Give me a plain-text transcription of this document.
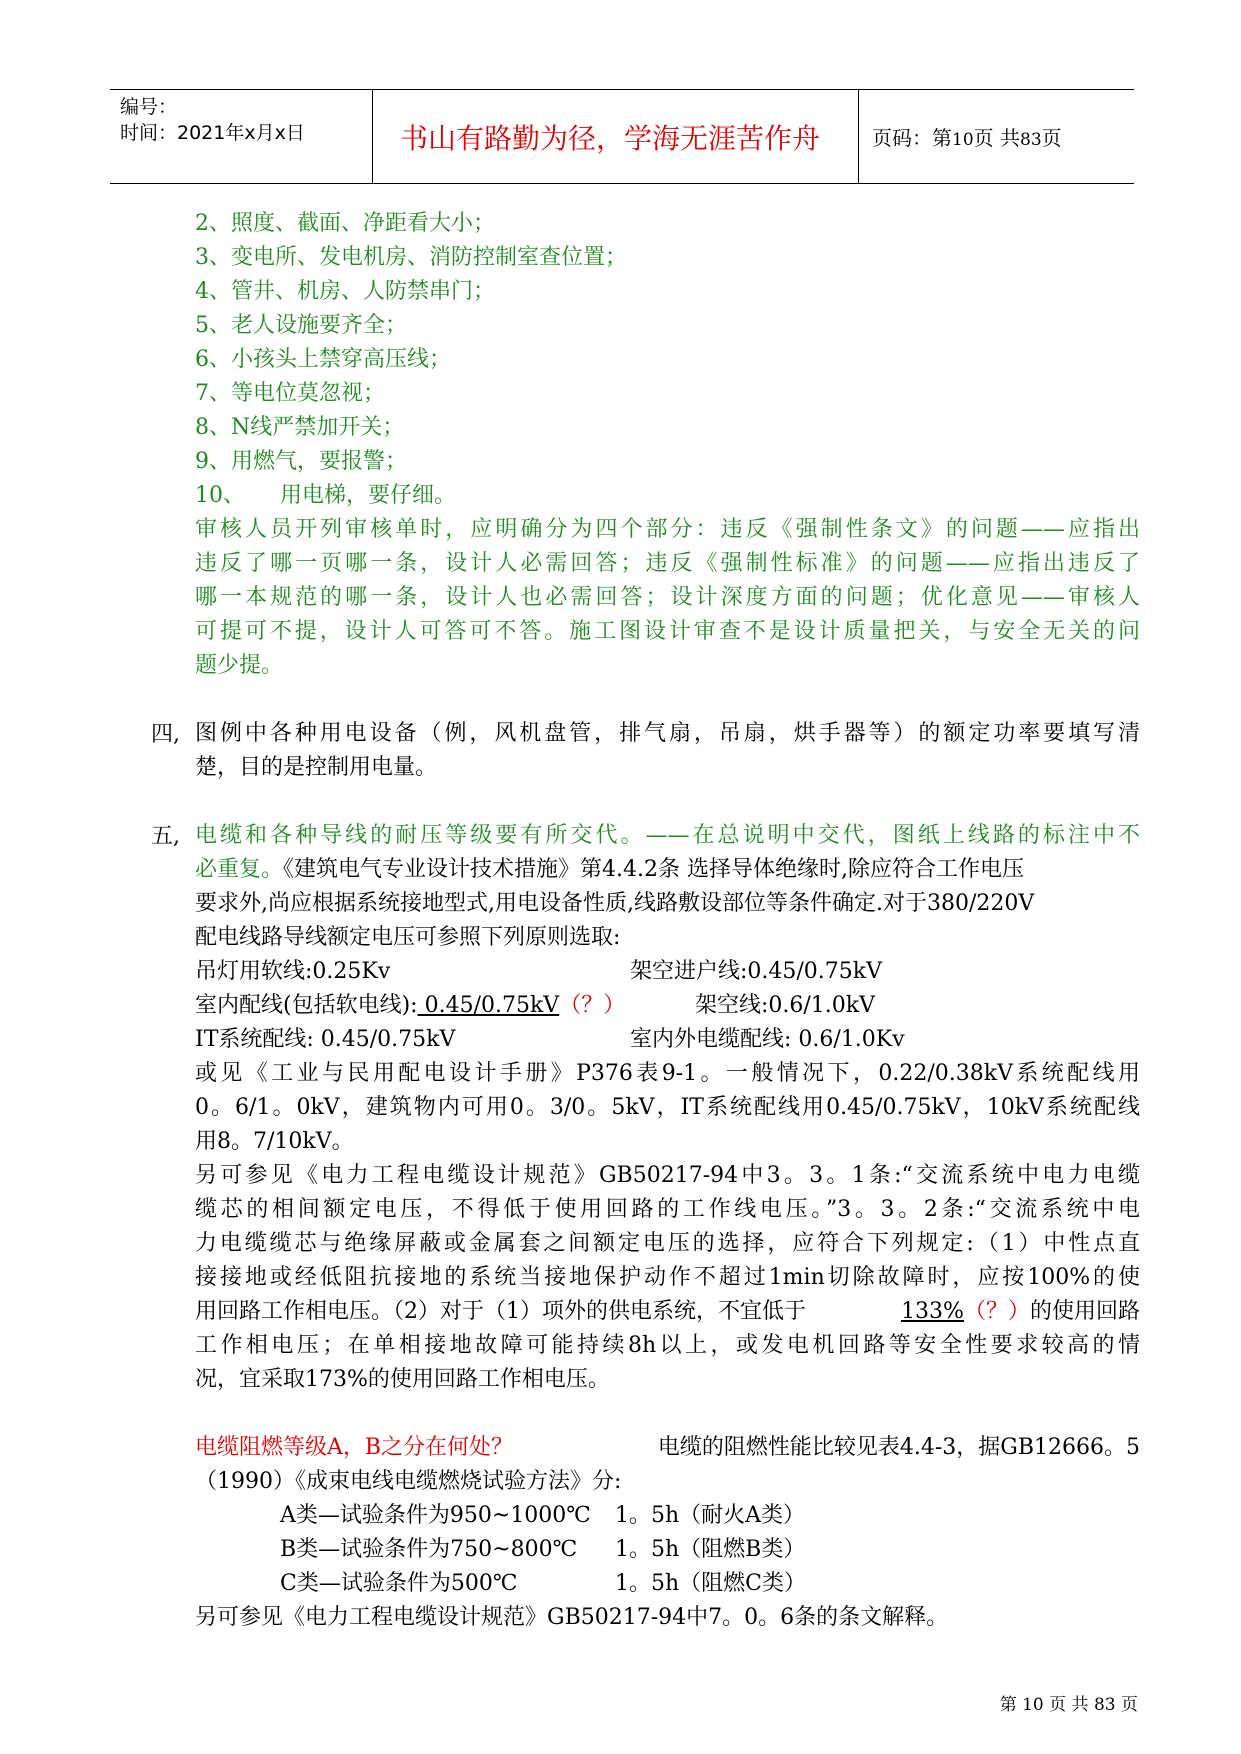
编号：
时间：2021年x月x日	书山有路勤为径，学海无涯苦作舟	页码：第10页 共83页
2、照度、截面、净距看大小；
3、变电所、发电机房、消防控制室查位置；
4、管井、机房、人防禁串门；
5、老人设施要齐全；
6、小孩头上禁穿高压线；
7、等电位莫忽视；
8、N线严禁加开关；
9、用燃气，要报警；
10、     用电梯，要仔细。
审核人员开列审核单时，应明确分为四个部分：违反《强制性条文》的问题——应指出
违反了哪一页哪一条，设计人必需回答；违反《强制性标准》的问题——应指出违反了
哪一本规范的哪一条，设计人也必需回答；设计深度方面的问题；优化意见——审核人
可提可不提，设计人可答可不答。施工图设计审查不是设计质量把关，与安全无关的问
题少提。
四, 图例中各种用电设备（例，风机盘管，排气扇，吊扇，烘手器等）的额定功率要填写清
楚，目的是控制用电量。
五, 电缆和各种导线的耐压等级要有所交代。——在总说明中交代，图纸上线路的标注中不
必重复。《建筑电气专业设计技术措施》第4.4.2条 选择导体绝缘时,除应符合工作电压
要求外,尚应根据系统接地型式,用电设备性质,线路敷设部位等条件确定.对于380/220V
配电线路导线额定电压可参照下列原则选取:
吊灯用软线:0.25Kv	架空进户线:0.45/0.75kV
室内配线(包括软电线): 0.45/0.75kV（？）	架空线:0.6/1.0kV
IT系统配线: 0.45/0.75kV	室内外电缆配线: 0.6/1.0Kv
或见《工业与民用配电设计手册》P376表9-1。一般情况下，0.22/0.38kV系统配线用
0。6/1。0kV，建筑物内可用0。3/0。5kV，IT系统配线用0.45/0.75kV，10kV系统配线
用8。7/10kV。
另可参见《电力工程电缆设计规范》GB50217-94中3。3。1条:“交流系统中电力电缆
缆芯的相间额定电压，不得低于使用回路的工作线电压。”3。3。2条:“交流系统中电
力电缆缆芯与绝缘屏蔽或金属套之间额定电压的选择，应符合下列规定:（1）中性点直
接接地或经低阻抗接地的系统当接地保护动作不超过1min切除故障时，应按100%的使
用回路工作相电压。（2）对于（1）项外的供电系统，不宜低于	133%（？）的使用回路
工作相电压；在单相接地故障可能持续8h以上，或发电机回路等安全性要求较高的情
况，宜采取173%的使用回路工作相电压。
电缆阻燃等级A，B之分在何处？	电缆的阻燃性能比较见表4.4-3，据GB12666。5
（1990）《成束电线电缆燃烧试验方法》分:
A类—试验条件为950~1000℃ 1。5h（耐火A类）
B类—试验条件为750~800℃ 1。5h（阻燃B类）
C类—试验条件为500℃	1。5h（阻燃C类）
另可参见《电力工程电缆设计规范》GB50217-94中7。0。6条的条文解释。
第 10 页 共 83 页
